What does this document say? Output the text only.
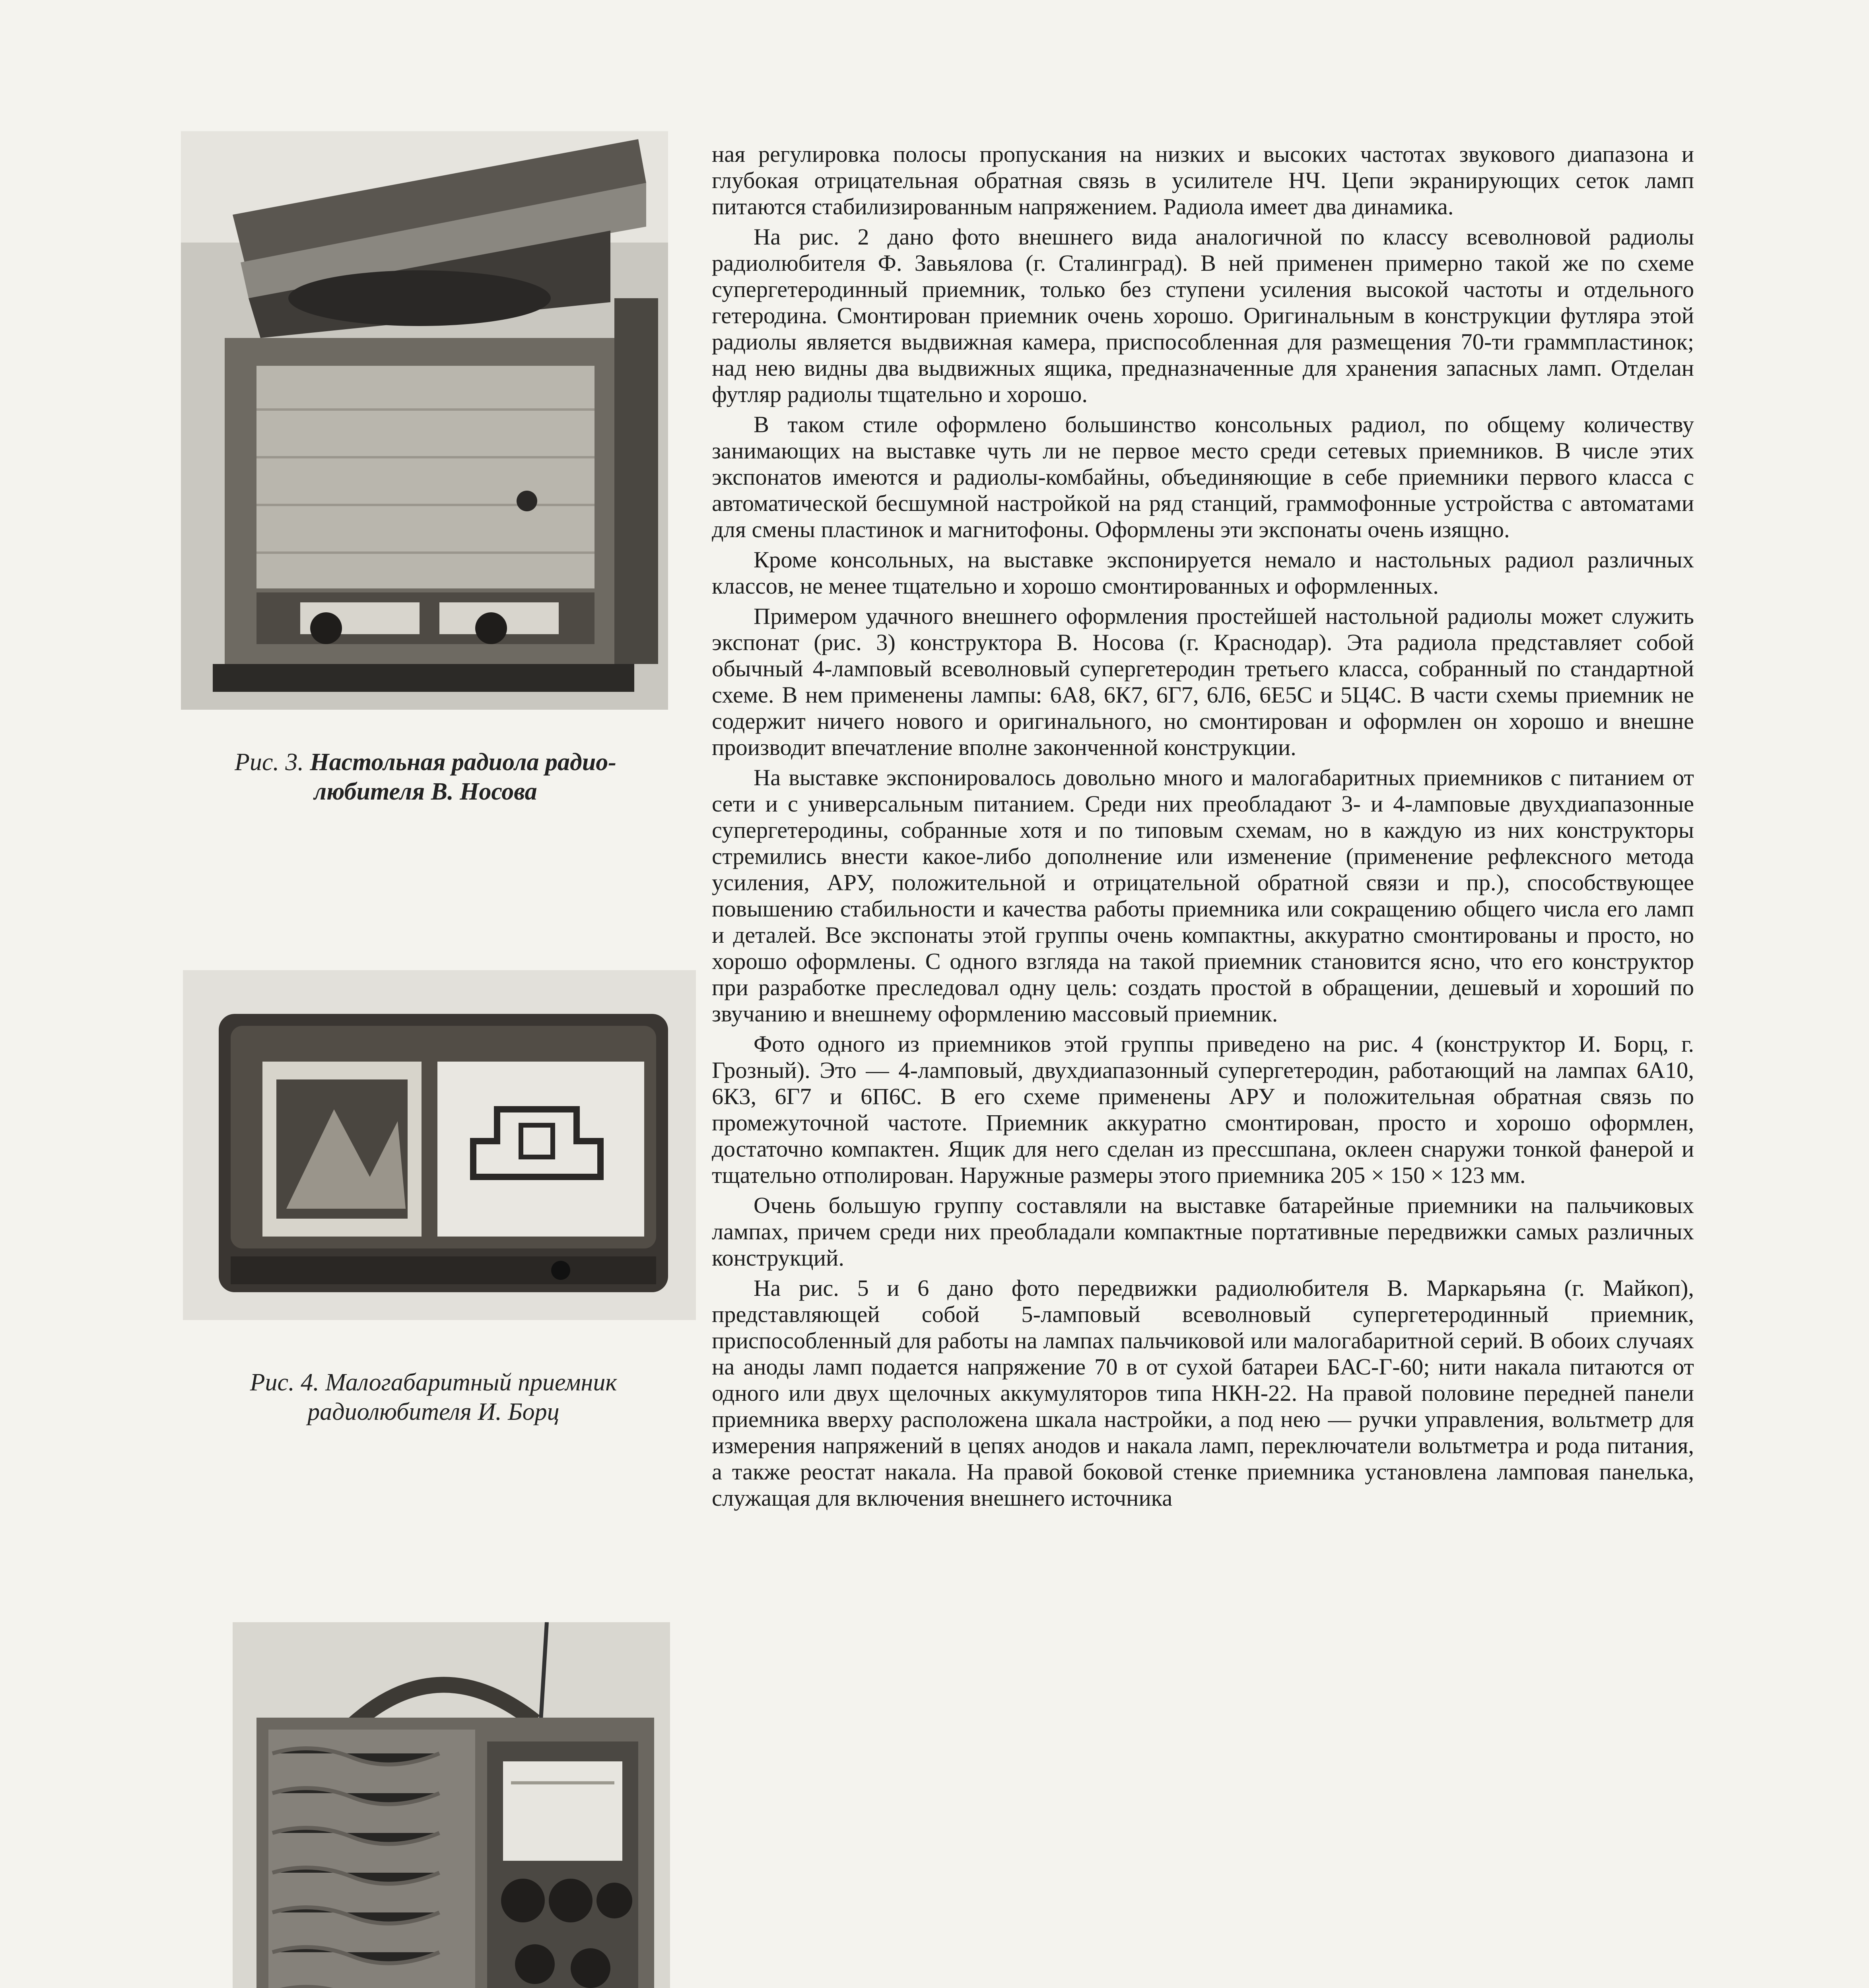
Рис. 3. Настольная радиола радио-
любителя В. Носова
Рис. 4. Малогабаритный приемник
радиолюбителя И. Борц

ная регулировка полосы пропускания на низких и высоких частотах звукового диапазона и глубокая отрицательная обратная связь в усилителе НЧ. Цепи экранирующих сеток ламп питаются стабилизированным напряжением. Радиола имеет два динамика.

На рис. 2 дано фото внешнего вида аналогичной по классу всеволновой радиолы радиолюбителя Ф. Завьялова (г. Сталинград). В ней применен примерно такой же по схеме супергетеродинный приемник, только без ступени усиления высокой частоты и отдельного гетеродина. Смонтирован приемник очень хорошо. Оригинальным в конструкции футляра этой радиолы является выдвижная камера, приспособленная для размещения 70-ти граммпластинок; над нею видны два выдвижных ящика, предназначенные для хранения запасных ламп. Отделан футляр радиолы тщательно и хорошо.

В таком стиле оформлено большинство консольных радиол, по общему количеству занимающих на выставке чуть ли не первое место среди сетевых приемников. В числе этих экспонатов имеются и радиолы-комбайны, объединяющие в себе приемники первого класса с автоматической бесшумной настройкой на ряд станций, граммофонные устройства с автоматами для смены пластинок и магнитофоны. Оформлены эти экспонаты очень изящно.

Кроме консольных, на выставке экспонируется немало и настольных радиол различных классов, не менее тщательно и хорошо смонтированных и оформленных.

Примером удачного внешнего оформления простейшей настольной радиолы может служить экспонат (рис. 3) конструктора В. Носова (г. Краснодар). Эта радиола представляет собой обычный 4-ламповый всеволновый супергетеродин третьего класса, собранный по стандартной схеме. В нем применены лампы: 6А8, 6К7, 6Г7, 6Л6, 6Е5С и 5Ц4С. В части схемы приемник не содержит ничего нового и оригинального, но смонтирован и оформлен он хорошо и внешне производит впечатление вполне законченной конструкции.

На выставке экспонировалось довольно много и малогабаритных приемников с питанием от сети и с универсальным питанием. Среди них преобладают 3- и 4-ламповые двухдиапазонные супергетеродины, собранные хотя и по типовым схемам, но в каждую из них конструкторы стремились внести какое-либо дополнение или изменение (применение рефлексного метода усиления, АРУ, положительной и отрицательной обратной связи и пр.), способствующее повышению стабильности и качества работы приемника или сокращению общего числа его ламп и деталей. Все экспонаты этой группы очень компактны, аккуратно смонтированы и просто, но хорошо оформлены. С одного взгляда на такой приемник становится ясно, что его конструктор при разработке преследовал одну цель: создать простой в обращении, дешевый и хороший по звучанию и внешнему оформлению массовый приемник.

Фото одного из приемников этой группы приведено на рис. 4 (конструктор И. Борц, г. Грозный). Это — 4-ламповый, двухдиапазонный супергетеродин, работающий на лампах 6А10, 6К3, 6Г7 и 6П6С. В его схеме применены АРУ и положительная обратная связь по промежуточной частоте. Приемник аккуратно смонтирован, просто и хорошо оформлен, достаточно компактен. Ящик для него сделан из прессшпана, оклеен снаружи тонкой фанерой и тщательно отполирован. Наружные размеры этого приемника 205 × 150 × 123 мм.

Очень большую группу составляли на выставке батарейные приемники на пальчиковых лампах, причем среди них преобладали компактные портативные передвижки самых различных конструкций.

На рис. 5 и 6 дано фото передвижки радиолюбителя В. Маркарьяна (г. Майкоп), представляющей собой 5-ламповый всеволновый супергетеродинный приемник, приспособленный для работы на лампах пальчиковой или малогабаритной серий. В обоих случаях на аноды ламп подается напряжение 70 в от сухой батареи БАС-Г-60; нити накала питаются от одного или двух щелочных аккумуляторов типа НКН-22. На правой половине передней панели приемника вверху расположена шкала настройки, а под нею — ручки управления, вольтметр для измерения напряжений в цепях анодов и накала ламп, переключатели вольтметра и рода питания, а также реостат накала. На правой боковой стенке приемника установлена ламповая панелька, служащая для включения внешнего источника
